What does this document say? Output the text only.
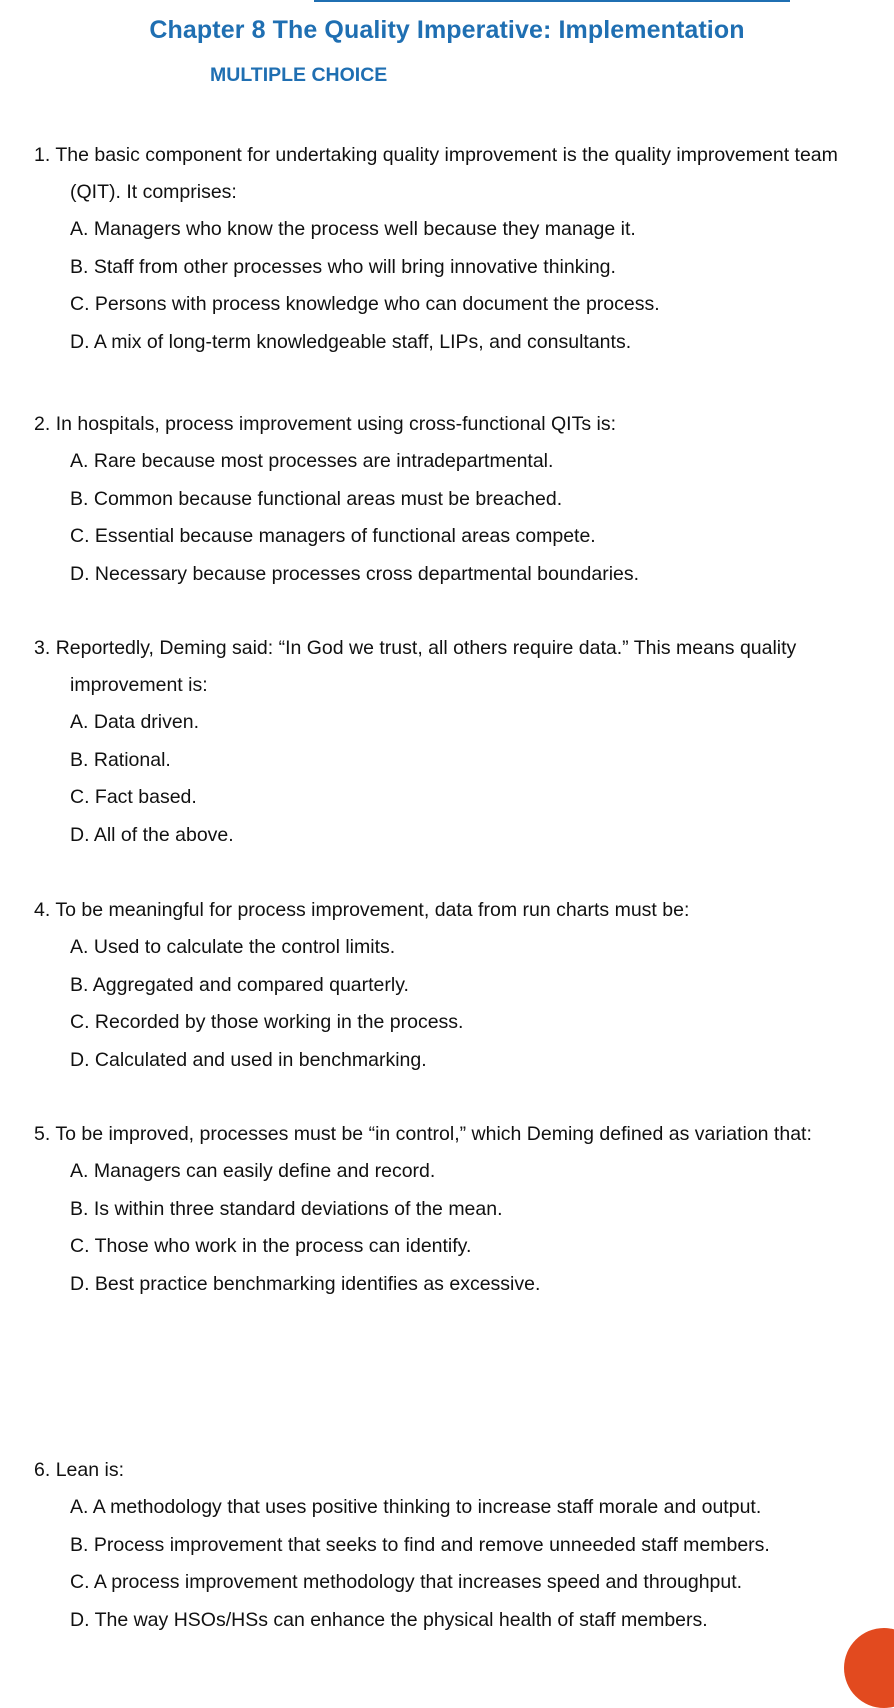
Chapter 8 The Quality Imperative: Implementation
MULTIPLE CHOICE
1. The basic component for undertaking quality improvement is the quality improvement team (QIT). It comprises:
A. Managers who know the process well because they manage it.
B. Staff from other processes who will bring innovative thinking.
C. Persons with process knowledge who can document the process.
D. A mix of long-term knowledgeable staff, LIPs, and consultants.
2. In hospitals, process improvement using cross-functional QITs is:
A. Rare because most processes are intradepartmental.
B. Common because functional areas must be breached.
C. Essential because managers of functional areas compete.
D. Necessary because processes cross departmental boundaries.
3. Reportedly, Deming said: “In God we trust, all others require data.” This means quality improvement is:
A. Data driven.
B. Rational.
C. Fact based.
D. All of the above.
4. To be meaningful for process improvement, data from run charts must be:
A. Used to calculate the control limits.
B. Aggregated and compared quarterly.
C. Recorded by those working in the process.
D. Calculated and used in benchmarking.
5. To be improved, processes must be “in control,” which Deming defined as variation that:
A. Managers can easily define and record.
B. Is within three standard deviations of the mean.
C. Those who work in the process can identify.
D. Best practice benchmarking identifies as excessive.
6. Lean is:
A. A methodology that uses positive thinking to increase staff morale and output.
B. Process improvement that seeks to find and remove unneeded staff members.
C. A process improvement methodology that increases speed and throughput.
D. The way HSOs/HSs can enhance the physical health of staff members.
